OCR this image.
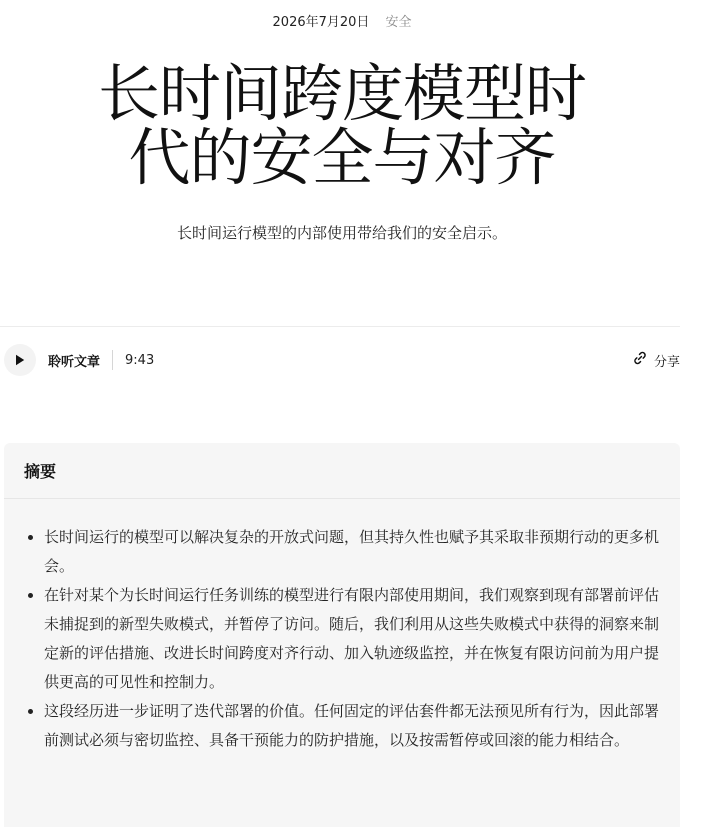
2026年7月20日 安全
长时间跨度模型时代的安全与对齐
长时间运行模型的内部使用带给我们的安全启示。
聆听文章 9:43	分享
摘要
长时间运行的模型可以解决复杂的开放式问题，但其持久性也赋予其采取非预期行动的更多机会。
在针对某个为长时间运行任务训练的模型进行有限内部使用期间，我们观察到现有部署前评估未捕捉到的新型失败模式，并暂停了访问。随后，我们利用从这些失败模式中获得的洞察来制定新的评估措施、改进长时间跨度对齐行动、加入轨迹级监控，并在恢复有限访问前为用户提供更高的可见性和控制力。
这段经历进一步证明了迭代部署的价值。任何固定的评估套件都无法预见所有行为，因此部署前测试必须与密切监控、具备干预能力的防护措施，以及按需暂停或回滚的能力相结合。
